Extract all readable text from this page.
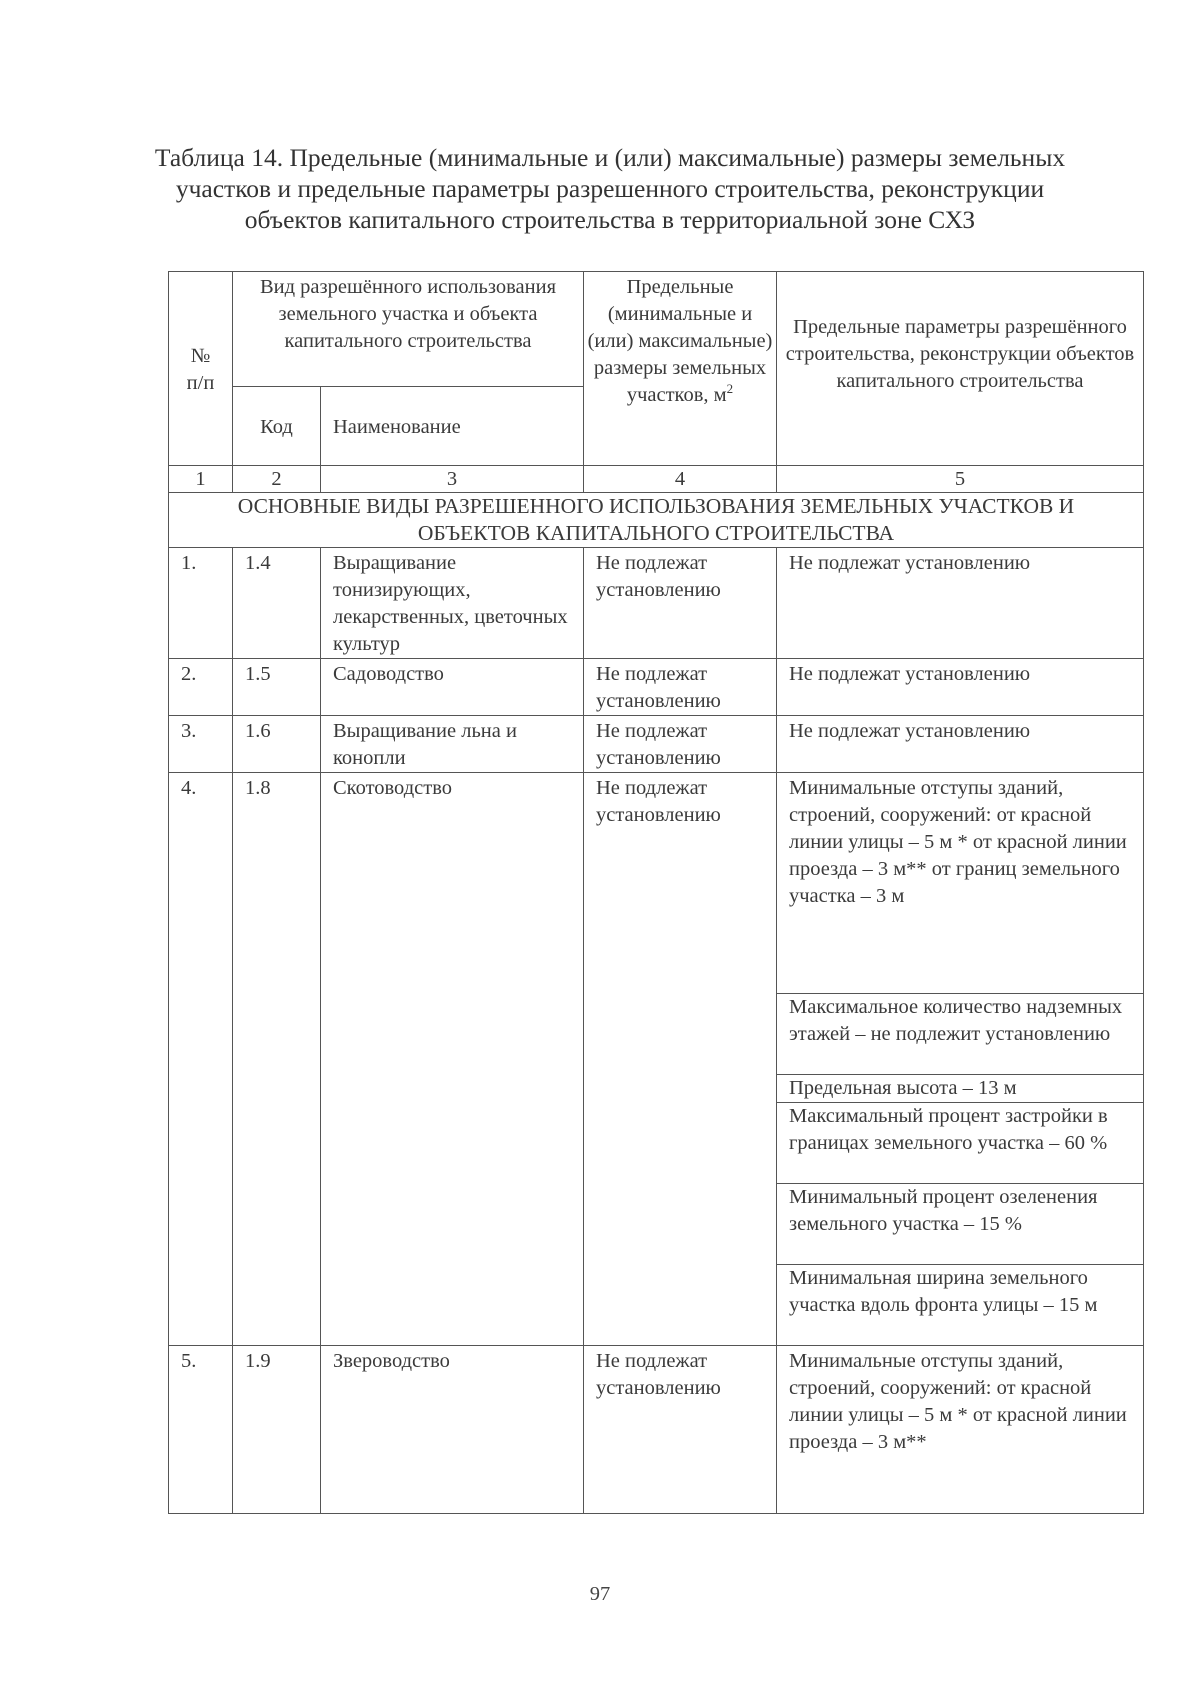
Таблица 14. Предельные (минимальные и (или) максимальные) размеры земельных участков и предельные параметры разрешенного строительства, реконструкции объектов капитального строительства в территориальной зоне СХЗ
№ п/п	Вид разрешённого использования земельного участка и объекта капитального строительства		Предельные (минимальные и (или) максимальные) размеры земельных участков, $м^2$	Предельные параметры разрешённого строительства, реконструкции объектов капитального строительства
	Код	Наименование		
1	2	3	4	5
ОСНОВНЫЕ ВИДЫ РАЗРЕШЕННОГО ИСПОЛЬЗОВАНИЯ ЗЕМЕЛЬНЫХ УЧАСТКОВ И ОБЪЕКТОВ КАПИТАЛЬНОГО СТРОИТЕЛЬСТВА				
1.	1.4	Выращивание тонизирующих, лекарственных, цветочных культур	Не подлежат установлению	Не подлежат установлению
2.	1.5	Садоводство	Не подлежат установлению	Не подлежат установлению
3.	1.6	Выращивание льна и конопли	Не подлежат установлению	Не подлежат установлению
4.	1.8	Скотоводство	Не подлежат установлению	Минимальные отступы зданий, строений, сооружений: от красной линии улицы – 5 м * от красной линии проезда – 3 м** от границ земельного участка – 3 м
				Максимальное количество надземных этажей – не подлежит установлению
				Предельная высота – 13 м
				Максимальный процент застройки в границах земельного участка – 60 %
				Минимальный процент озеленения земельного участка – 15 %
				Минимальная ширина земельного участка вдоль фронта улицы – 15 м
5.	1.9	Звероводство	Не подлежат установлению	Минимальные отступы зданий, строений, сооружений: от красной линии улицы – 5 м * от красной линии проезда – 3 м**
97
